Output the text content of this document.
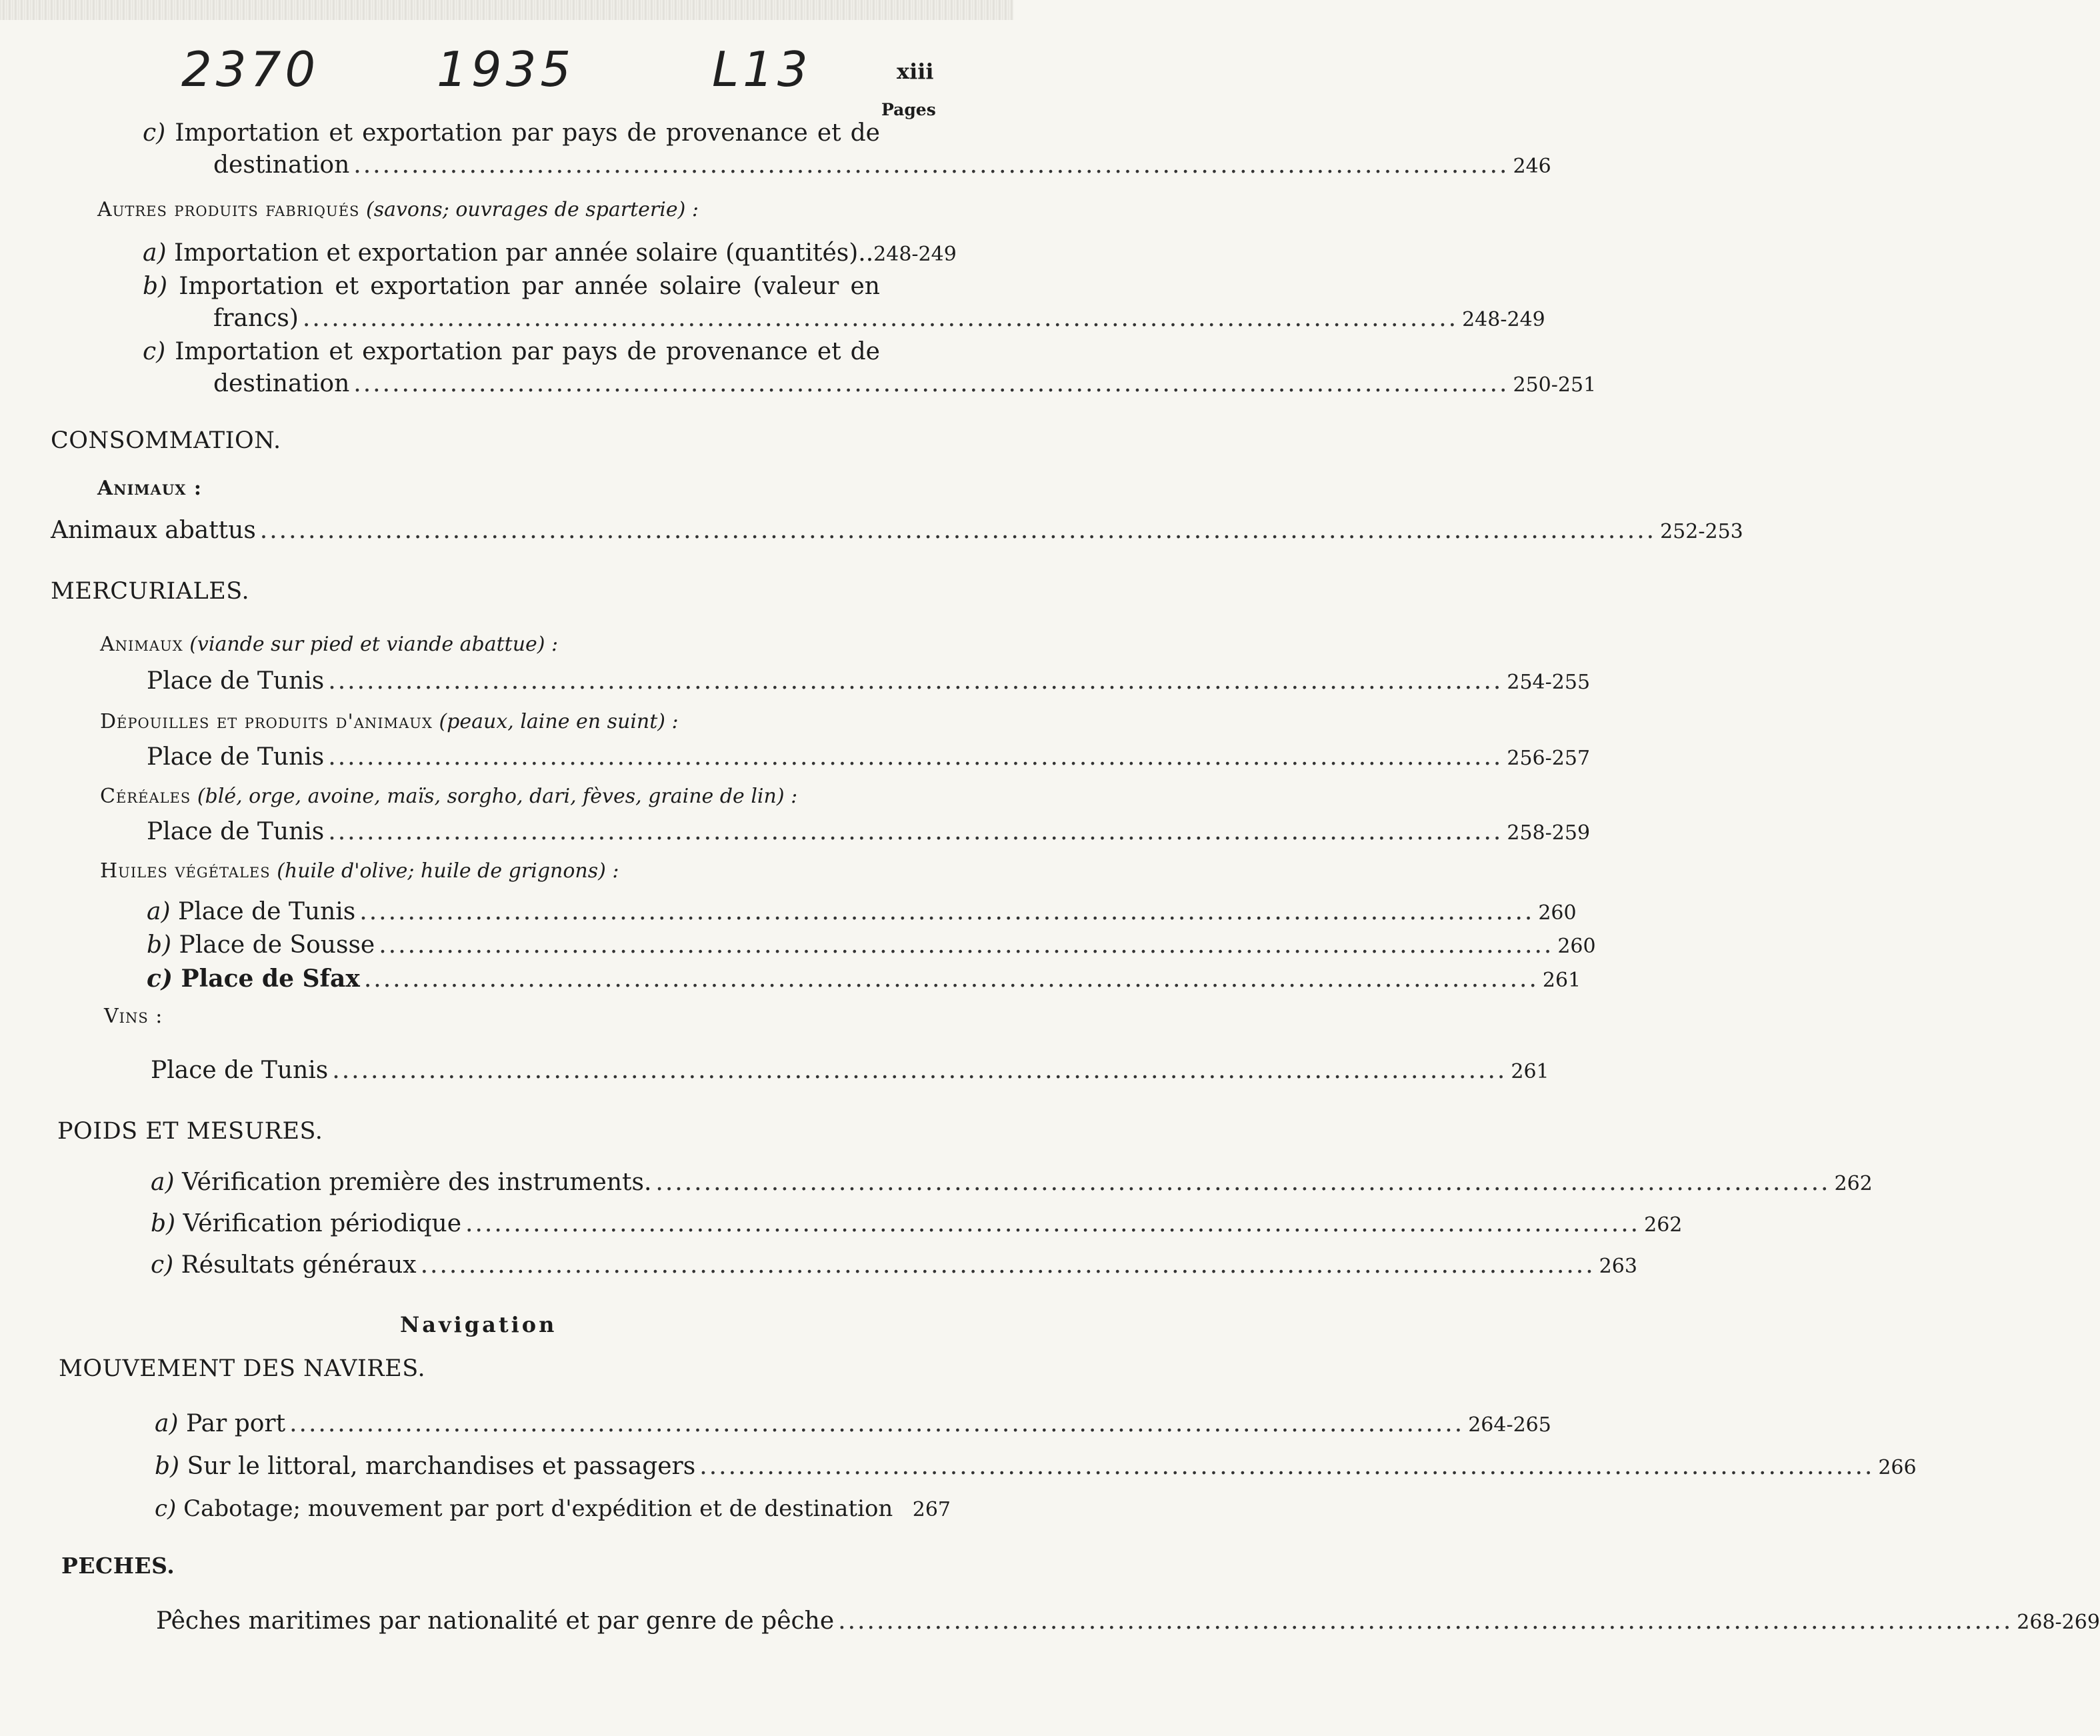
2370 1935	L13	xiii
Pages
c) Importation et exportation par pays de provenance et de
destination ........................................................................................................................ 246
Autres produits fabriqués (savons; ouvrages de sparterie) :
a) Importation et exportation par année solaire (quantités).. 248-249
b) Importation et exportation par année solaire (valeur en
francs) ........................................................................................................................ 248-249
c) Importation et exportation par pays de provenance et de
destination ........................................................................................................................ 250-251
CONSOMMATION.
Animaux :
Animaux abattus ................................................................................................................................................. 252-253
MERCURIALES.
Animaux (viande sur pied et viande abattue) :
Place de Tunis .......................................................................................................................... 254-255
Dépouilles et produits d'animaux (peaux, laine en suint) :
Place de Tunis .......................................................................................................................... 256-257
Céréales (blé, orge, avoine, maïs, sorgho, dari, fèves, graine de lin) :
Place de Tunis .......................................................................................................................... 258-259
Huiles végétales (huile d'olive; huile de grignons) :
a) Place de Tunis .......................................................................................................................... 260
b) Place de Sousse .......................................................................................................................... 260
c) Place de Sfax .......................................................................................................................... 261
Vins :
Place de Tunis .......................................................................................................................... 261
POIDS ET MESURES.
a) Vérification première des instruments. .......................................................................................................................... 262
b) Vérification périodique .......................................................................................................................... 262
c) Résultats généraux .......................................................................................................................... 263
Navigation
MOUVEMENT DES NAVIRES.
a) Par port .......................................................................................................................... 264-265
b) Sur le littoral, marchandises et passagers .......................................................................................................................... 266
c) Cabotage; mouvement par port d'expédition et de destination 267
PECHES.
Pêches maritimes par nationalité et par genre de pêche .......................................................................................................................... 268-269
